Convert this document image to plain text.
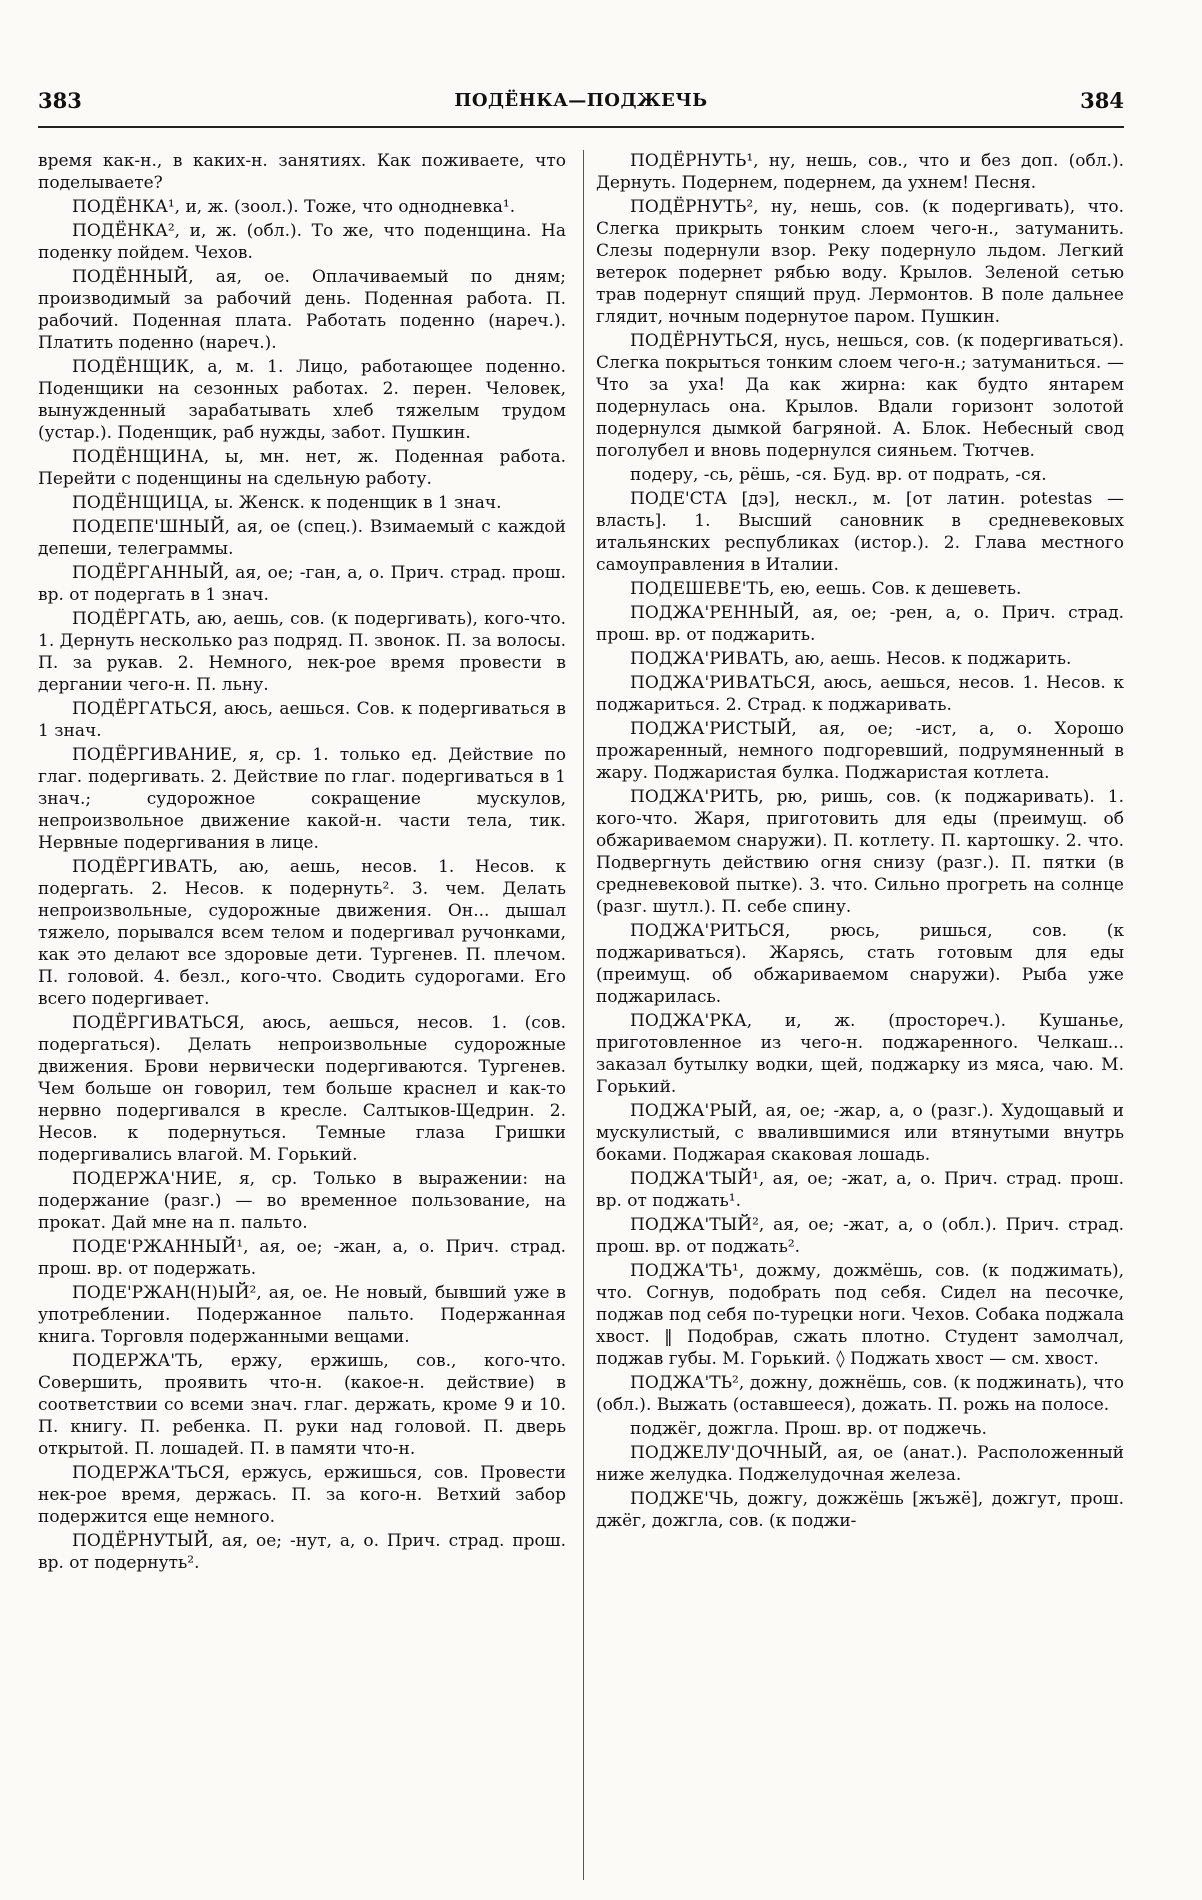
383	ПОДЁНКА—ПОДЖЕЧЬ	384

время как-н., в каких-н. занятиях. Как поживаете, что поделываете?

ПОДЁНКА¹, и, ж. (зоол.). Тоже, что однодневка¹.

ПОДЁНКА², и, ж. (обл.). То же, что поденщина. На поденку пойдем. Чехов.

ПОДЁННЫЙ, ая, ое. Оплачиваемый по дням; производимый за рабочий день. Поденная работа. П. рабочий. Поденная плата. Работать поденно (нареч.). Платить поденно (нареч.).

ПОДЁНЩИК, а, м. 1. Лицо, работающее поденно. Поденщики на сезонных работах. 2. перен. Человек, вынужденный зарабатывать хлеб тяжелым трудом (устар.). Поденщик, раб нужды, забот. Пушкин.

ПОДЁНЩИНА, ы, мн. нет, ж. Поденная работа. Перейти с поденщины на сдельную работу.

ПОДЁНЩИЦА, ы. Женск. к поденщик в 1 знач.

ПОДЕПЕ'ШНЫЙ, ая, ое (спец.). Взимаемый с каждой депеши, телеграммы.

ПОДЁРГАННЫЙ, ая, ое; -ган, а, о. Прич. страд. прош. вр. от подергать в 1 знач.

ПОДЁРГАТЬ, аю, аешь, сов. (к подергивать), кого-что. 1. Дернуть несколько раз подряд. П. звонок. П. за волосы. П. за рукав. 2. Немного, нек-рое время провести в дергании чего-н. П. льну.

ПОДЁРГАТЬСЯ, аюсь, аешься. Сов. к подергиваться в 1 знач.

ПОДЁРГИВАНИЕ, я, ср. 1. только ед. Действие по глаг. подергивать. 2. Действие по глаг. подергиваться в 1 знач.; судорожное сокращение мускулов, непроизвольное движение какой-н. части тела, тик. Нервные подергивания в лице.

ПОДЁРГИВАТЬ, аю, аешь, несов. 1. Несов. к подергать. 2. Несов. к подернуть². 3. чем. Делать непроизвольные, судорожные движения. Он... дышал тяжело, порывался всем телом и подергивал ручонками, как это делают все здоровые дети. Тургенев. П. плечом. П. головой. 4. безл., кого-что. Сводить судорогами. Его всего подергивает.

ПОДЁРГИВАТЬСЯ, аюсь, аешься, несов. 1. (сов. подергаться). Делать непроизвольные судорожные движения. Брови нервически подергиваются. Тургенев. Чем больше он говорил, тем больше краснел и как-то нервно подергивался в кресле. Салтыков-Щедрин. 2. Несов. к подернуться. Темные глаза Гришки подергивались влагой. М. Горький.

ПОДЕРЖА'НИЕ, я, ср. Только в выражении: на подержание (разг.) — во временное пользование, на прокат. Дай мне на п. пальто.

ПОДЕ'РЖАННЫЙ¹, ая, ое; -жан, а, о. Прич. страд. прош. вр. от подержать.

ПОДЕ'РЖАН(Н)ЫЙ², ая, ое. Не новый, бывший уже в употреблении. Подержанное пальто. Подержанная книга. Торговля подержанными вещами.

ПОДЕРЖА'ТЬ, ержу, ержишь, сов., кого-что. Совершить, проявить что-н. (какое-н. действие) в соответствии со всеми знач. глаг. держать, кроме 9 и 10. П. книгу. П. ребенка. П. руки над головой. П. дверь открытой. П. лошадей. П. в памяти что-н.

ПОДЕРЖА'ТЬСЯ, ержусь, ержишься, сов. Провести нек-рое время, держась. П. за кого-н. Ветхий забор подержится еще немного.

ПОДЁРНУТЫЙ, ая, ое; -нут, а, о. Прич. страд. прош. вр. от подернуть².

ПОДЁРНУТЬ¹, ну, нешь, сов., что и без доп. (обл.). Дернуть. Подернем, подернем, да ухнем! Песня.

ПОДЁРНУТЬ², ну, нешь, сов. (к подергивать), что. Слегка прикрыть тонким слоем чего-н., затуманить. Слезы подернули взор. Реку подернуло льдом. Легкий ветерок подернет рябью воду. Крылов. Зеленой сетью трав подернут спящий пруд. Лермонтов. В поле дальнее глядит, ночным подернутое паром. Пушкин.

ПОДЁРНУТЬСЯ, нусь, нешься, сов. (к подергиваться). Слегка покрыться тонким слоем чего-н.; затуманиться. — Что за уха! Да как жирна: как будто янтарем подернулась она. Крылов. Вдали горизонт золотой подернулся дымкой багряной. А. Блок. Небесный свод поголубел и вновь подернулся сияньем. Тютчев.

подеру, -сь, рёшь, -ся. Буд. вр. от подрать, -ся.

ПОДЕ'СТА [дэ], нескл., м. [от латин. potestas — власть]. 1. Высший сановник в средневековых итальянских республиках (истор.). 2. Глава местного самоуправления в Италии.

ПОДЕШЕВЕ'ТЬ, ею, еешь. Сов. к дешеветь.

ПОДЖА'РЕННЫЙ, ая, ое; -рен, а, о. Прич. страд. прош. вр. от поджарить.

ПОДЖА'РИВАТЬ, аю, аешь. Несов. к поджарить.

ПОДЖА'РИВАТЬСЯ, аюсь, аешься, несов. 1. Несов. к поджариться. 2. Страд. к поджаривать.

ПОДЖА'РИСТЫЙ, ая, ое; -ист, а, о. Хорошо прожаренный, немного подгоревший, подрумяненный в жару. Поджаристая булка. Поджаристая котлета.

ПОДЖА'РИТЬ, рю, ришь, сов. (к поджаривать). 1. кого-что. Жаря, приготовить для еды (преимущ. об обжариваемом снаружи). П. котлету. П. картошку. 2. что. Подвергнуть действию огня снизу (разг.). П. пятки (в средневековой пытке). 3. что. Сильно прогреть на солнце (разг. шутл.). П. себе спину.

ПОДЖА'РИТЬСЯ, рюсь, ришься, сов. (к поджариваться). Жарясь, стать готовым для еды (преимущ. об обжариваемом снаружи). Рыба уже поджарилась.

ПОДЖА'РКА, и, ж. (простореч.). Кушанье, приготовленное из чего-н. поджаренного. Челкаш... заказал бутылку водки, щей, поджарку из мяса, чаю. М. Горький.

ПОДЖА'РЫЙ, ая, ое; -жар, а, о (разг.). Худощавый и мускулистый, с ввалившимися или втянутыми внутрь боками. Поджарая скаковая лошадь.

ПОДЖА'ТЫЙ¹, ая, ое; -жат, а, о. Прич. страд. прош. вр. от поджать¹.

ПОДЖА'ТЫЙ², ая, ое; -жат, а, о (обл.). Прич. страд. прош. вр. от поджать².

ПОДЖА'ТЬ¹, дожму, дожмёшь, сов. (к поджимать), что. Согнув, подобрать под себя. Сидел на песочке, поджав под себя по-турецки ноги. Чехов. Собака поджала хвост. ‖ Подобрав, сжать плотно. Студент замолчал, поджав губы. М. Горький. ◊ Поджать хвост — см. хвост.

ПОДЖА'ТЬ², дожну, дожнёшь, сов. (к поджинать), что (обл.). Выжать (оставшееся), дожать. П. рожь на полосе.

поджёг, дожгла. Прош. вр. от поджечь.

ПОДЖЕЛУ'ДОЧНЫЙ, ая, ое (анат.). Расположенный ниже желудка. Поджелудочная железа.

ПОДЖЕ'ЧЬ, дожгу, дожжёшь [жъжё], дожгут, прош. джёг, дожгла, сов. (к поджи-
